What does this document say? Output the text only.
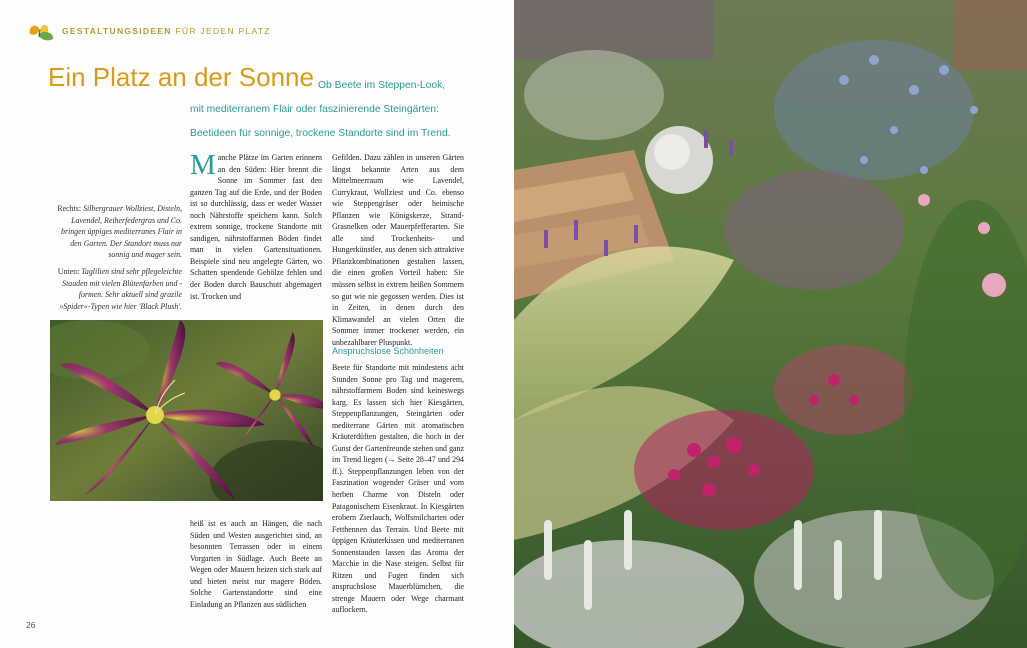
GESTALTUNGSIDEEN FÜR JEDEN PLATZ
Ein Platz an der Sonne Ob Beete im Steppen-Look,
mit mediterranem Flair oder faszinierende Steingärten:
Beetideen für sonnige, trockene Standorte sind im Trend.
Rechts: Silbergrauer Wollziest, Disteln, Lavendel, Reiherfedergras und Co. bringen üppiges mediterranes Flair in den Garten. Der Standort muss nur sonnig und mager sein.
Unten: Taglilien sind sehr pflegeleichte Stauden mit vielen Blütenfarben und -formen. Sehr aktuell sind grazile »Spider«-Typen wie hier 'Black Plush'.
Manche Plätze im Garten erinnern an den Süden: Hier brennt die Sonne im Sommer fast den ganzen Tag auf die Erde, und der Boden ist so durchlässig, dass er weder Wasser noch Nährstoffe speichern kann. Solch extrem sonnige, trockene Standorte mit sandigen, nährstoffarmen Böden findet man in vielen Gartensituationen. Beispiele sind neu angelegte Gärten, wo Schatten spendende Gehölze fehlen und der Boden durch Bauschutt abgemagert ist. Trocken und
heiß ist es auch an Hängen, die nach Süden und Westen ausgerichtet sind, an besonnten Terrassen oder in einem Vorgarten in Südlage. Auch Beete an Wegen oder Mauern heizen sich stark auf und bieten meist nur magere Böden. Solche Gartenstandorte sind eine Einladung an Pflanzen aus südlichen
Gefilden. Dazu zählen in unseren Gärten längst bekannte Arten aus dem Mittelmeerraum wie Lavendel, Currykraut, Wollziest und Co. ebenso wie Steppengräser oder heimische Pflanzen wie Königskerze, Strand-Grasnelken oder Mauerpfefferarten. Sie alle sind Trockenheits- und Hungerkünstler, aus denen sich attraktive Pflanzkombinationen gestalten lassen, die einen großen Vorteil haben: Sie müssen selbst in extrem heißen Sommern so gut wie nie gegossen werden. Dies ist in Zeiten, in denen durch den Klimawandel an vielen Orten die Sommer immer trockener werden, ein unbezahlbarer Pluspunkt.
Anspruchslose Schönheiten
Beete für Standorte mit mindestens acht Stunden Sonne pro Tag und magerem, nährstoffarmem Boden sind keineswegs karg. Es lassen sich hier Kiesgärten, Steppenpflanzungen, Steingärten oder mediterrane Gärten mit aromatischen Kräuterdüften gestalten, die hoch in der Gunst der Gartenfreunde stehen und ganz im Trend liegen (→ Seite 28–47 und 294 ff.). Steppenpflanzungen leben von der Faszination wogender Gräser und vom herben Charme von Disteln oder Patagonischem Eisenkraut. In Kiesgärten erobern Zierlauch, Wolfsmilcharten oder Fetthennen das Terrain. Und Beete mit üppigen Kräuterkissen und mediterranen Sonnenstauden lassen das Aroma der Macchie in die Nase steigen. Selbst für Ritzen und Fugen finden sich anspruchslose Mauerblümchen, die strenge Mauern oder Wege charmant auflockern.
26
